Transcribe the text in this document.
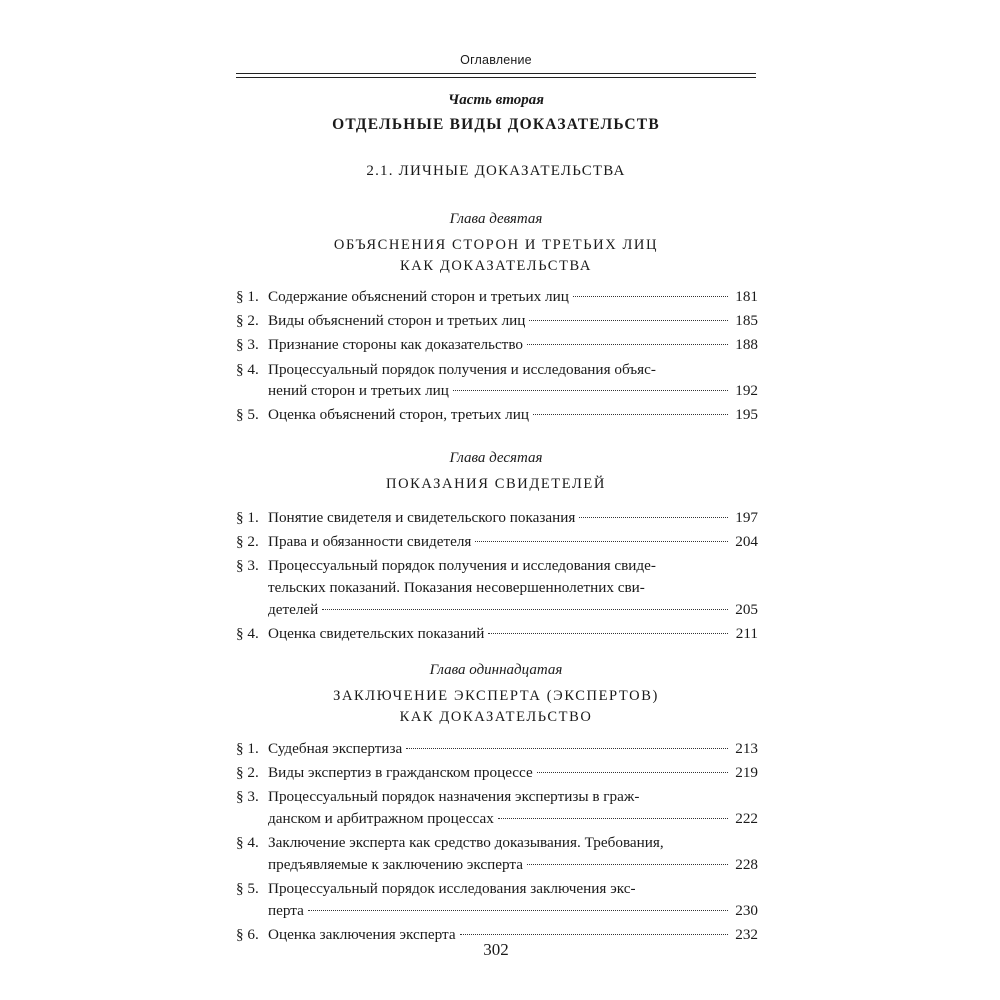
Оглавление
Часть вторая
ОТДЕЛЬНЫЕ ВИДЫ ДОКАЗАТЕЛЬСТВ
2.1. ЛИЧНЫЕ ДОКАЗАТЕЛЬСТВА
Глава девятая
ОБЪЯСНЕНИЯ СТОРОН И ТРЕТЬИХ ЛИЦ
КАК ДОКАЗАТЕЛЬСТВА
§ 1. Содержание объяснений сторон и третьих лиц	181
§ 2. Виды объяснений сторон и третьих лиц	185
§ 3. Признание стороны как доказательство	188
§ 4. Процессуальный порядок получения и исследования объяс-
нений сторон и третьих лиц	192
§ 5. Оценка объяснений сторон, третьих лиц	195
Глава десятая
ПОКАЗАНИЯ СВИДЕТЕЛЕЙ
§ 1. Понятие свидетеля и свидетельского показания	197
§ 2. Права и обязанности свидетеля	204
§ 3. Процессуальный порядок получения и исследования свиде-
тельских показаний. Показания несовершеннолетних сви-
детелей	205
§ 4. Оценка свидетельских показаний	211
Глава одиннадцатая
ЗАКЛЮЧЕНИЕ ЭКСПЕРТА (ЭКСПЕРТОВ)
КАК ДОКАЗАТЕЛЬСТВО
§ 1. Судебная экспертиза	213
§ 2. Виды экспертиз в гражданском процессе	219
§ 3. Процессуальный порядок назначения экспертизы в граж-
данском и арбитражном процессах	222
§ 4. Заключение эксперта как средство доказывания. Требования,
предъявляемые к заключению эксперта	228
§ 5. Процессуальный порядок исследования заключения экс-
перта	230
§ 6. Оценка заключения эксперта	232
302
